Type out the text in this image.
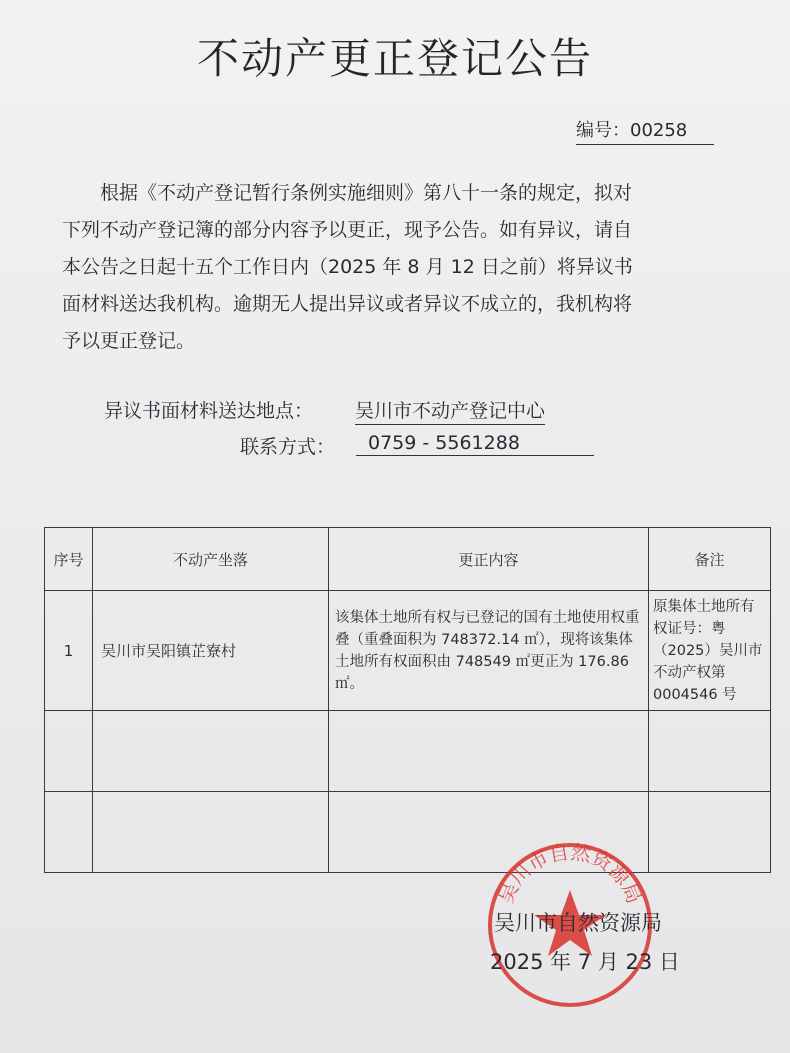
不动产更正登记公告
编号：00258
　　根据《不动产登记暂行条例实施细则》第八十一条的规定，拟对
下列不动产登记簿的部分内容予以更正，现予公告。如有异议，请自
本公告之日起十五个工作日内（2025 年 8 月 12 日之前）将异议书
面材料送达我机构。逾期无人提出异议或者异议不成立的，我机构将
予以更正登记。
异议书面材料送达地点： 吴川市不动产登记中心
联系方式：	0759 - 5561288
序号	不动产坐落	更正内容	备注
1	吴川市吴阳镇芷寮村	该集体土地所有权与已登记的国有土地使用权重叠（重叠面积为 748372.14 ㎡），现将该集体土地所有权面积由 748549 ㎡更正为 176.86 ㎡。	原集体土地所有权证号：粤（2025）吴川市不动产权第0004546 号

吴川市自然资源局
吴川市自然资源局
2025 年 7 月 23 日
